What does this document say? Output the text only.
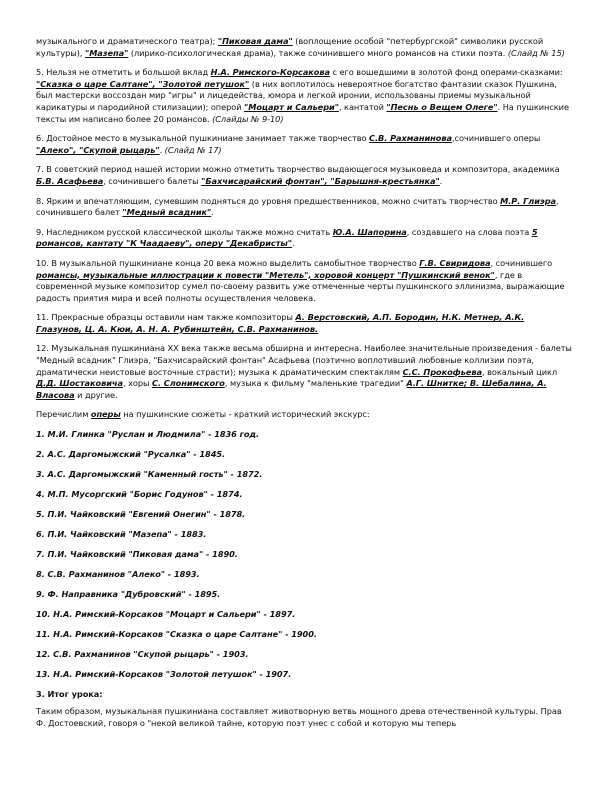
музыкального и драматического театра); "Пиковая дама" (воплощение особой "петербургской" символики русской культуры), "Мазепа" (лирико-психологическая драма), также сочинившего много романсов на стихи поэта. (Слайд № 15)

5. Нельзя не отметить и большой вклад Н.А. Римского-Корсакова с его вошедшими в золотой фонд операми-сказками: "Сказка о царе Салтане", "Золотой петушок" (в них воплотилось невероятное богатство фантазии сказок Пушкина, был мастерски воссоздан мир "игры" и лицедейства, юмора и легкой иронии, использованы приемы музыкальной карикатуры и пародийной стилизации); оперой "Моцарт и Сальери", кантатой "Песнь о Вещем Олеге". На пушкинские тексты им написано более 20 романсов. (Слайды № 9-10)

6. Достойное место в музыкальной пушкиниане занимает также творчество С.В. Рахманинова,сочинившего оперы "Алеко", "Скупой рыцарь". (Слайд № 17)

7. В советский период нашей истории можно отметить творчество выдающегося музыковеда и композитора, академика Б.В. Асафьева, сочинившего балеты "Бахчисарайский фонтан", "Барышня-крестьянка".

8. Ярким и впечатляющим, сумевшим подняться до уровня предшественников, можно считать творчество М.Р. Глиэра, сочинившего балет "Медный всадник".

9. Наследником русской классической школы также можно считать Ю.А. Шапорина, создавшего на слова поэта 5 романсов, кантату "К Чаадаеву", оперу "Декабристы".

10. В музыкальной пушкиниане конца 20 века можно выделить самобытное творчество Г.В. Свиридова, сочинившего романсы, музыкальные иллюстрации к повести "Метель", хоровой концерт "Пушкинский венок", где в современной музыке композитор сумел по-своему развить уже отмеченные черты пушкинского эллинизма, выражающие радость приятия мира и всей полноты осуществления человека.

11. Прекрасные образцы оставили нам также композиторы А. Верстовский, А.П. Бородин, Н.К. Метнер, А.К. Глазунов, Ц. А. Кюи, А. Н. А. Рубинштейн, С.В. Рахманинов.

12. Музыкальная пушкиниана XX века также весьма обширна и интересна. Наиболее значительные произведения - балеты "Медный всадник" Глиэра, "Бахчисарайский фонтан" Асафьева (поэтично воплотивший любовные коллизии поэта, драматически неистовые восточные страсти); музыка к драматическим спектаклям С.С. Прокофьева, вокальный цикл Д.Д. Шостаковича, хоры С. Слонимского, музыка к фильму "маленькие трагедии" А.Г. Шнитке; В. Шебалина, А. Власова и другие.

Перечислим оперы на пушкинские сюжеты - краткий исторический экскурс:

1. М.И. Глинка "Руслан и Людмила" - 1836 год.

2. А.С. Даргомыжский "Русалка" - 1845.

3. А.С. Даргомыжский "Каменный гость" - 1872.

4. М.П. Мусоргский "Борис Годунов" - 1874.

5. П.И. Чайковский "Евгений Онегин" - 1878.

6. П.И. Чайковский "Мазепа" - 1883.

7. П.И. Чайковский "Пиковая дама" - 1890.

8. С.В. Рахманинов "Алеко" - 1893.

9. Ф. Направника "Дубровский" - 1895.

10. Н.А. Римский-Корсаков "Моцарт и Сальери" - 1897.

11. Н.А. Римский-Корсаков "Сказка о царе Салтане" - 1900.

12. С.В. Рахманинов "Скупой рыцарь" - 1903.

13. Н.А. Римский-Корсаков "Золотой петушок" - 1907.

3. Итог урока:

Таким образом, музыкальная пушкиниана составляет животворную ветвь мощного древа отечественной культуры. Прав Ф. Достоевский, говоря о "некой великой тайне, которую поэт унес с собой и которую мы теперь
